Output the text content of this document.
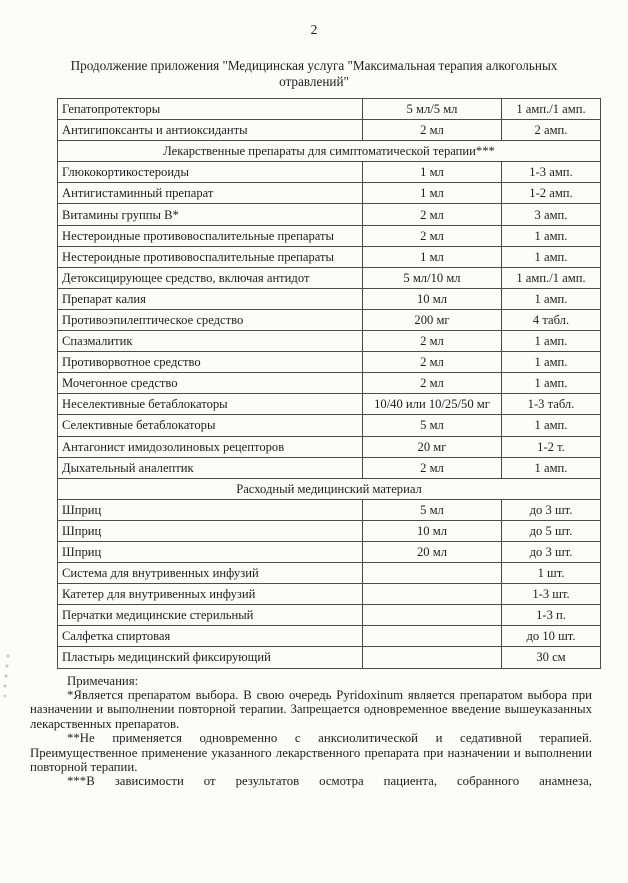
2
Продолжение приложения "Медицинская услуга "Максимальная терапия алкогольных отравлений"
Гепатопротекторы	5 мл/5 мл	1 амп./1 амп.
Антигипоксанты и антиоксиданты	2 мл	2 амп.
Лекарственные препараты для симптоматической терапии***		
Глюкокортикостероиды	1 мл	1-3 амп.
Антигистаминный препарат	1 мл	1-2 амп.
Витамины группы В*	2 мл	3 амп.
Нестероидные противовоспалительные препараты	2 мл	1 амп.
Нестероидные противовоспалительные препараты	1 мл	1 амп.
Детоксицирующее средство, включая антидот	5 мл/10 мл	1 амп./1 амп.
Препарат калия	10 мл	1 амп.
Противоэпилептическое средство	200 мг	4 табл.
Спазмалитик	2 мл	1 амп.
Противорвотное средство	2 мл	1 амп.
Мочегонное средство	2 мл	1 амп.
Неселективные бетаблокаторы	10/40 или 10/25/50 мг	1-3 табл.
Селективные бетаблокаторы	5 мл	1 амп.
Антагонист имидозолиновых рецепторов	20 мг	1-2 т.
Дыхательный аналептик	2 мл	1 амп.
Расходный медицинский материал		
Шприц	5 мл	до 3 шт.
Шприц	10 мл	до 5 шт.
Шприц	20 мл	до 3 шт.
Система для внутривенных инфузий		1 шт.
Катетер для внутривенных инфузий		1-3 шт.
Перчатки медицинские стерильный		1-3 п.
Салфетка спиртовая		до 10 шт.
Пластырь медицинский фиксирующий		30 см

Примечания:

*Является препаратом выбора. В свою очередь Pyridoxinum является препаратом выбора при назначении и выполнении повторной терапии. Запрещается одновременное введение вышеуказанных лекарственных препаратов.

**Не применяется одновременно с анксиолитической и седативной терапией. Преимущественное применение указанного лекарственного препарата при назначении и выполнении повторной терапии.

***В зависимости от результатов осмотра пациента, собранного анамнеза,
